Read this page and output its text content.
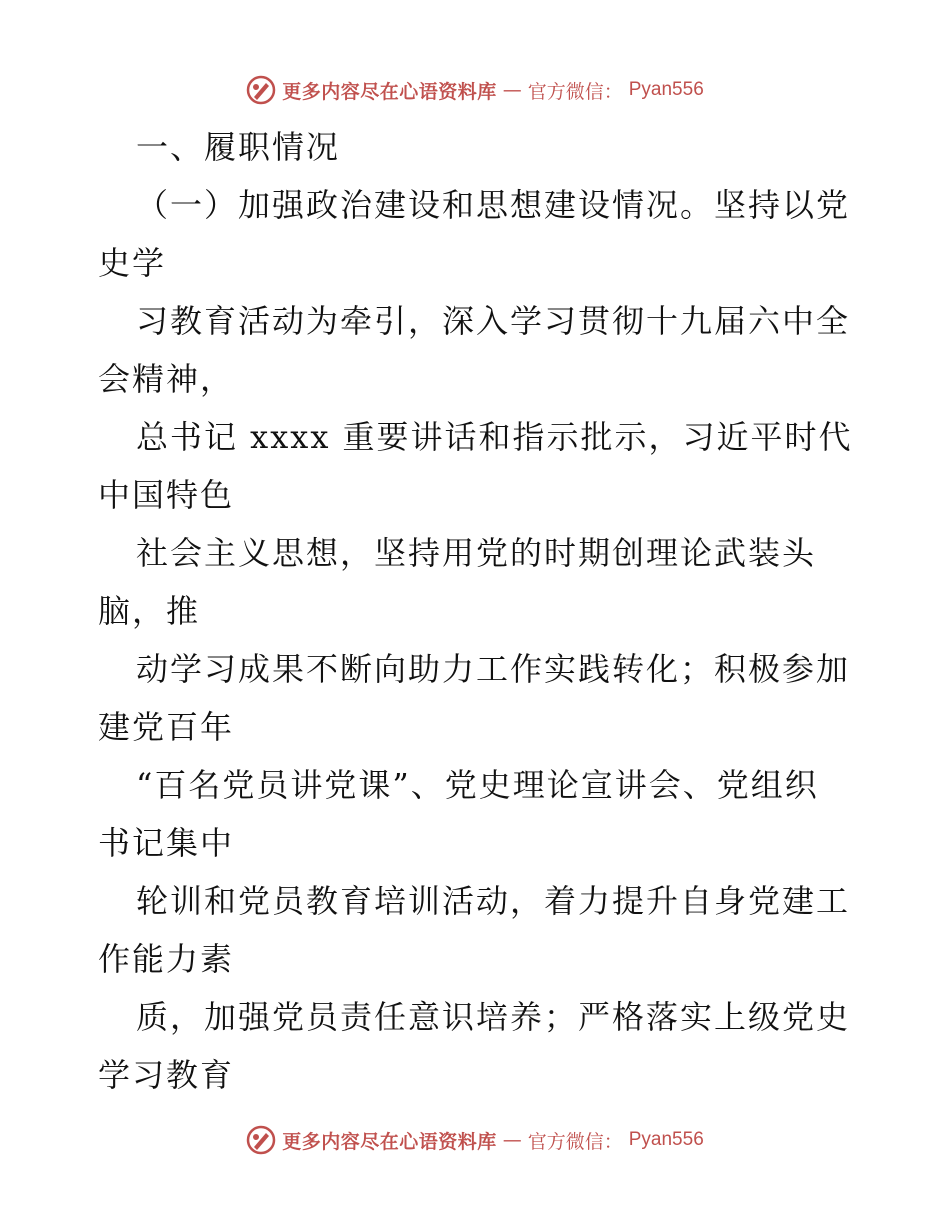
更多内容尽在心语资料库 — 官方微信： Pyan556
一、履职情况
（一）加强政治建设和思想建设情况。坚持以党
史学
习教育活动为牵引，深入学习贯彻十九届六中全
会精神，
总书记 xxxx 重要讲话和指示批示，习近平时代
中国特色
社会主义思想，坚持用党的时期创理论武装头
脑，推
动学习成果不断向助力工作实践转化；积极参加
建党百年
“百名党员讲党课”、党史理论宣讲会、党组织
书记集中
轮训和党员教育培训活动，着力提升自身党建工
作能力素
质，加强党员责任意识培养；严格落实上级党史
学习教育
更多内容尽在心语资料库 — 官方微信： Pyan556
